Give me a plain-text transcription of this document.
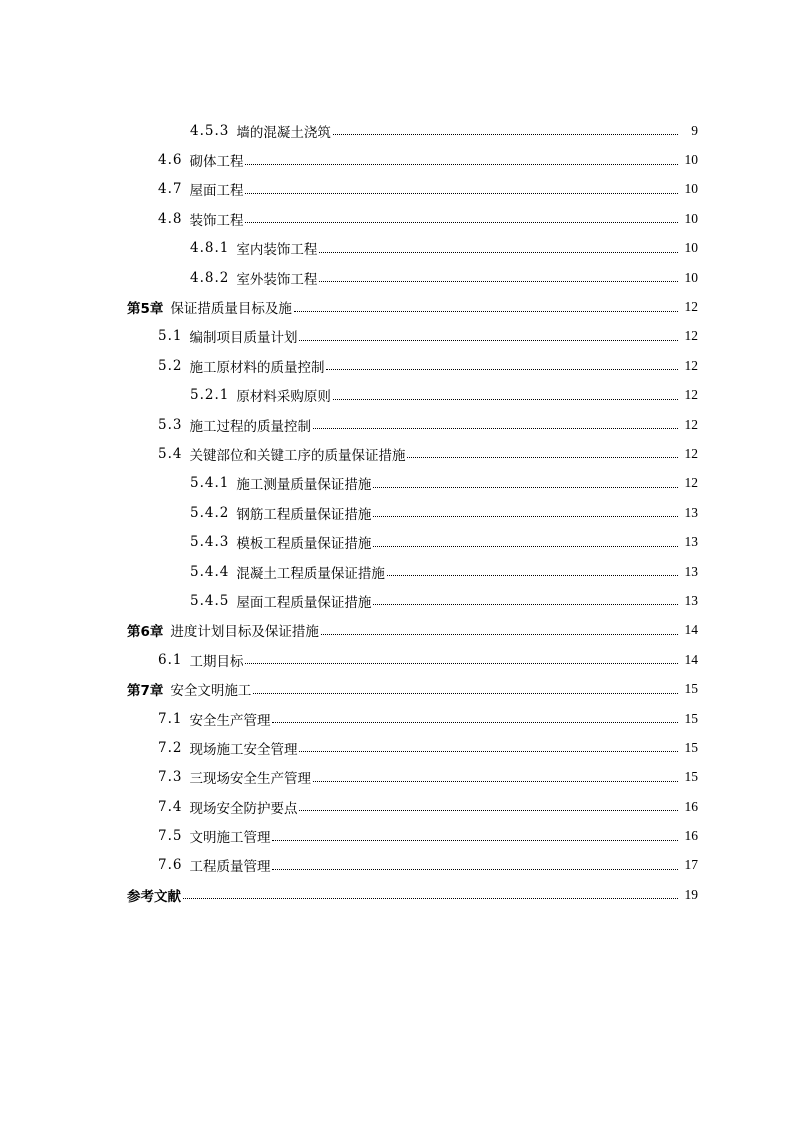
4.5.3 墙的混凝土浇筑	9
4.6 砌体工程	10
4.7 屋面工程	10
4.8 装饰工程	10
4.8.1 室内装饰工程	10
4.8.2 室外装饰工程	10
第5章 保证措质量目标及施	12
5.1 编制项目质量计划	12
5.2 施工原材料的质量控制	12
5.2.1 原材料采购原则	12
5.3 施工过程的质量控制	12
5.4 关键部位和关键工序的质量保证措施	12
5.4.1 施工测量质量保证措施	12
5.4.2 钢筋工程质量保证措施	13
5.4.3 模板工程质量保证措施	13
5.4.4 混凝土工程质量保证措施	13
5.4.5 屋面工程质量保证措施	13
第6章 进度计划目标及保证措施	14
6.1 工期目标	14
第7章 安全文明施工	15
7.1 安全生产管理	15
7.2 现场施工安全管理	15
7.3 三现场安全生产管理	15
7.4 现场安全防护要点	16
7.5 文明施工管理	16
7.6 工程质量管理	17
参考文献	19
